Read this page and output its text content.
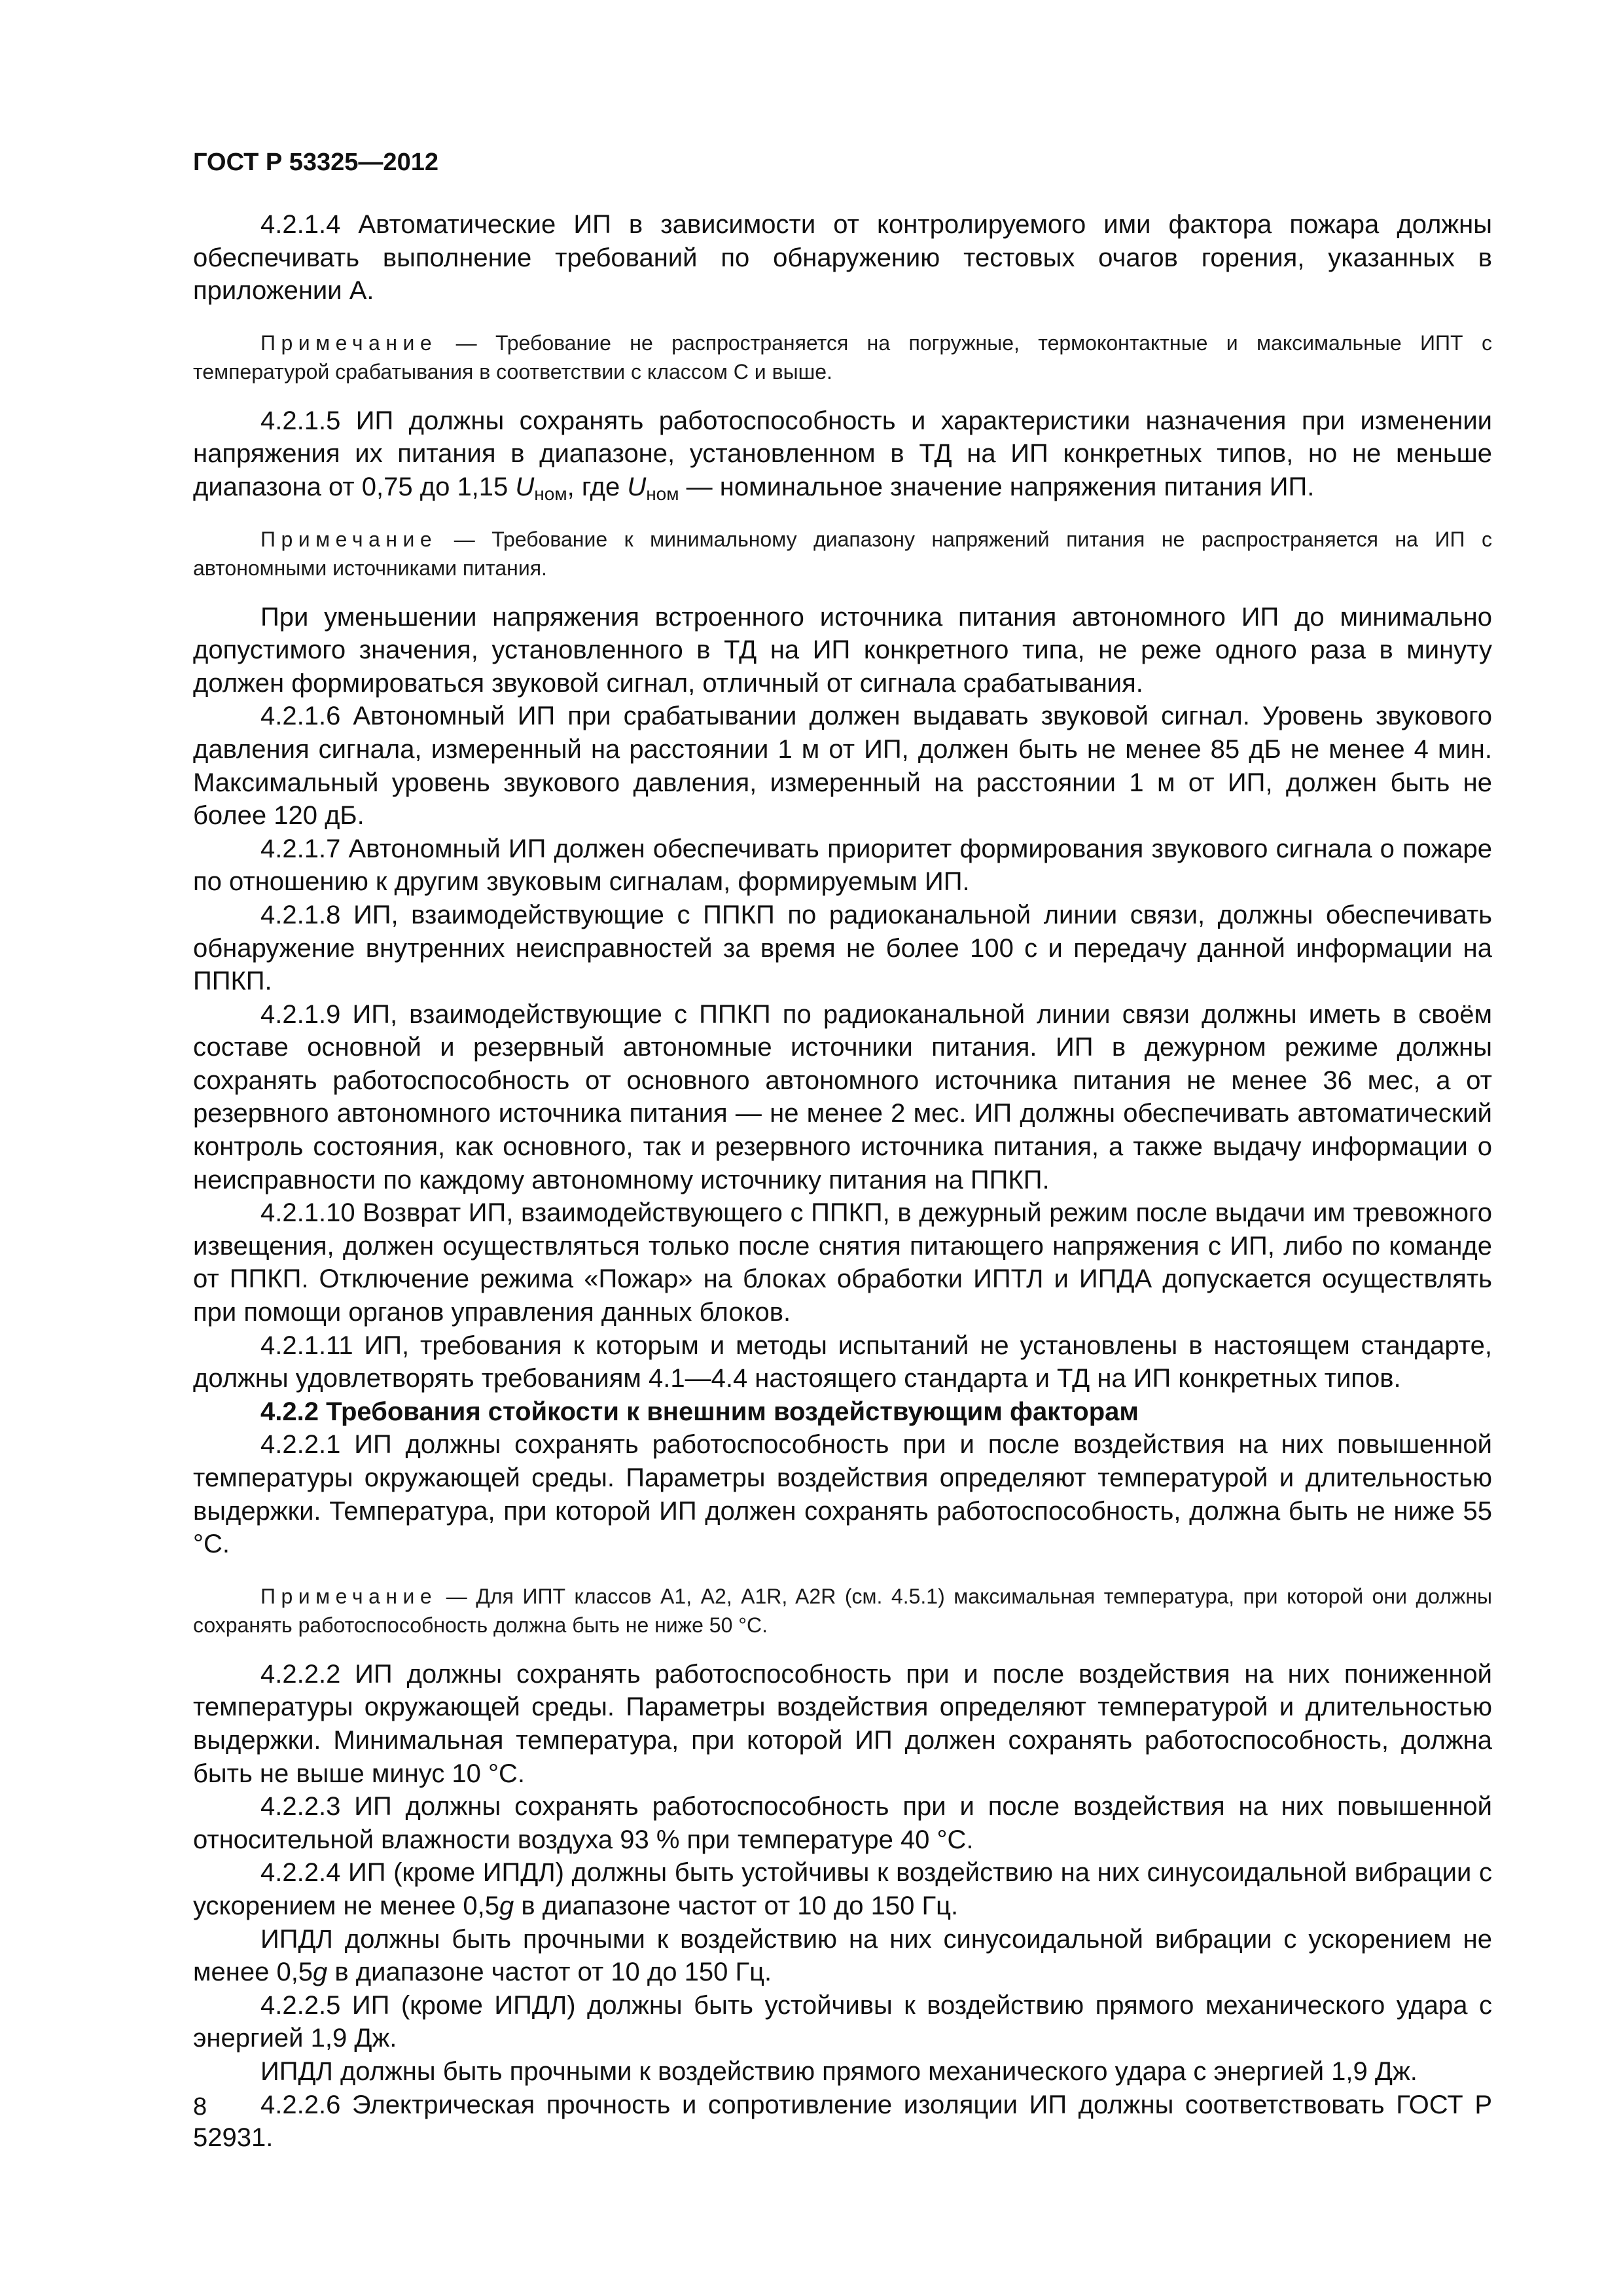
ГОСТ Р 53325—2012

4.2.1.4 Автоматические ИП в зависимости от контролируемого ими фактора пожара должны обеспечивать выполнение требований по обнаружению тестовых очагов горения, указанных в приложении А.

Примечание — Требование не распространяется на погружные, термоконтактные и максимальные ИПТ с температурой срабатывания в соответствии с классом С и выше.

4.2.1.5 ИП должны сохранять работоспособность и характеристики назначения при изменении напряжения их питания в диапазоне, установленном в ТД на ИП конкретных типов, но не меньше диапазона от 0,75 до 1,15 $U_{ном}$, где $U_{ном}$ — номинальное значение напряжения питания ИП.

Примечание — Требование к минимальному диапазону напряжений питания не распространяется на ИП с автономными источниками питания.

При уменьшении напряжения встроенного источника питания автономного ИП до минимально допустимого значения, установленного в ТД на ИП конкретного типа, не реже одного раза в минуту должен формироваться звуковой сигнал, отличный от сигнала срабатывания.

4.2.1.6 Автономный ИП при срабатывании должен выдавать звуковой сигнал. Уровень звукового давления сигнала, измеренный на расстоянии 1 м от ИП, должен быть не менее 85 дБ не менее 4 мин. Максимальный уровень звукового давления, измеренный на расстоянии 1 м от ИП, должен быть не более 120 дБ.

4.2.1.7 Автономный ИП должен обеспечивать приоритет формирования звукового сигнала о пожаре по отношению к другим звуковым сигналам, формируемым ИП.

4.2.1.8 ИП, взаимодействующие с ППКП по радиоканальной линии связи, должны обеспечивать обнаружение внутренних неисправностей за время не более 100 с и передачу данной информации на ППКП.

4.2.1.9 ИП, взаимодействующие с ППКП по радиоканальной линии связи должны иметь в своём составе основной и резервный автономные источники питания. ИП в дежурном режиме должны сохранять работоспособность от основного автономного источника питания не менее 36 мес, а от резервного автономного источника питания — не менее 2 мес. ИП должны обеспечивать автоматический контроль состояния, как основного, так и резервного источника питания, а также выдачу информации о неисправности по каждому автономному источнику питания на ППКП.

4.2.1.10 Возврат ИП, взаимодействующего с ППКП, в дежурный режим после выдачи им тревожного извещения, должен осуществляться только после снятия питающего напряжения с ИП, либо по команде от ППКП. Отключение режима «Пожар» на блоках обработки ИПТЛ и ИПДА допускается осуществлять при помощи органов управления данных блоков.

4.2.1.11 ИП, требования к которым и методы испытаний не установлены в настоящем стандарте, должны удовлетворять требованиям 4.1—4.4 настоящего стандарта и ТД на ИП конкретных типов.

4.2.2 Требования стойкости к внешним воздействующим факторам

4.2.2.1 ИП должны сохранять работоспособность при и после воздействия на них повышенной температуры окружающей среды. Параметры воздействия определяют температурой и длительностью выдержки. Температура, при которой ИП должен сохранять работоспособность, должна быть не ниже 55 °С.

Примечание — Для ИПТ классов А1, А2, А1R, A2R (см. 4.5.1) максимальная температура, при которой они должны сохранять работоспособность должна быть не ниже 50 °С.

4.2.2.2 ИП должны сохранять работоспособность при и после воздействия на них пониженной температуры окружающей среды. Параметры воздействия определяют температурой и длительностью выдержки. Минимальная температура, при которой ИП должен сохранять работоспособность, должна быть не выше минус 10 °С.

4.2.2.3 ИП должны сохранять работоспособность при и после воздействия на них повышенной относительной влажности воздуха 93 % при температуре 40 °С.

4.2.2.4 ИП (кроме ИПДЛ) должны быть устойчивы к воздействию на них синусоидальной вибрации с ускорением не менее 0,5g в диапазоне частот от 10 до 150 Гц.

ИПДЛ должны быть прочными к воздействию на них синусоидальной вибрации с ускорением не менее 0,5g в диапазоне частот от 10 до 150 Гц.

4.2.2.5 ИП (кроме ИПДЛ) должны быть устойчивы к воздействию прямого механического удара с энергией 1,9 Дж.

ИПДЛ должны быть прочными к воздействию прямого механического удара с энергией 1,9 Дж.

4.2.2.6 Электрическая прочность и сопротивление изоляции ИП должны соответствовать ГОСТ Р 52931.

8
